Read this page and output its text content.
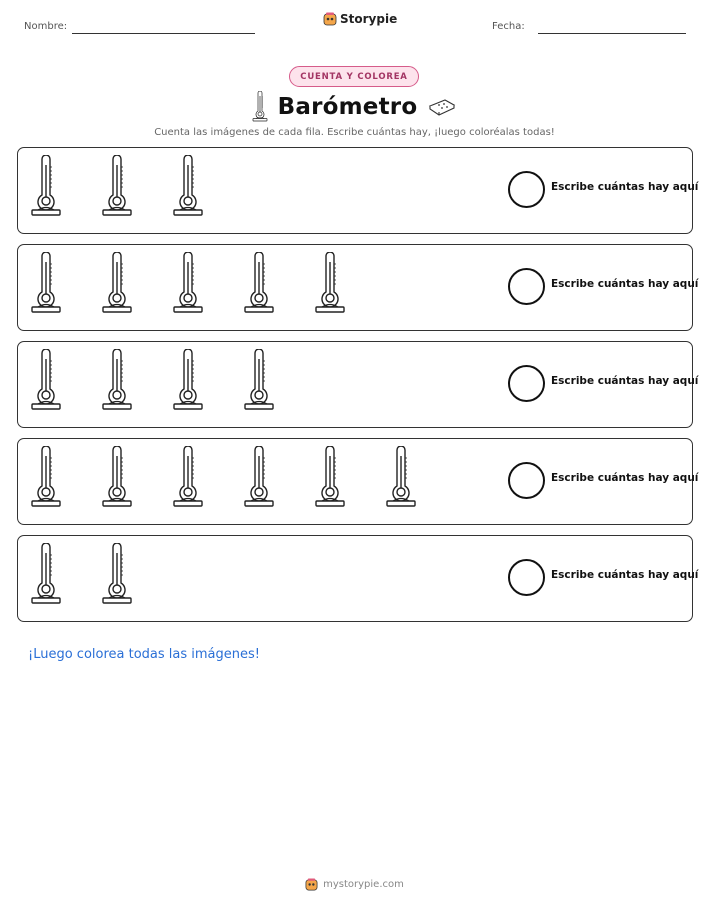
Nombre:
Storypie
Fecha:
CUENTA Y COLOREA
Barómetro
Cuenta las imágenes de cada fila. Escribe cuántas hay, ¡luego coloréalas todas!
Escribe cuántas hay aquí
Escribe cuántas hay aquí
Escribe cuántas hay aquí
Escribe cuántas hay aquí
Escribe cuántas hay aquí
¡Luego colorea todas las imágenes!
mystorypie.com
